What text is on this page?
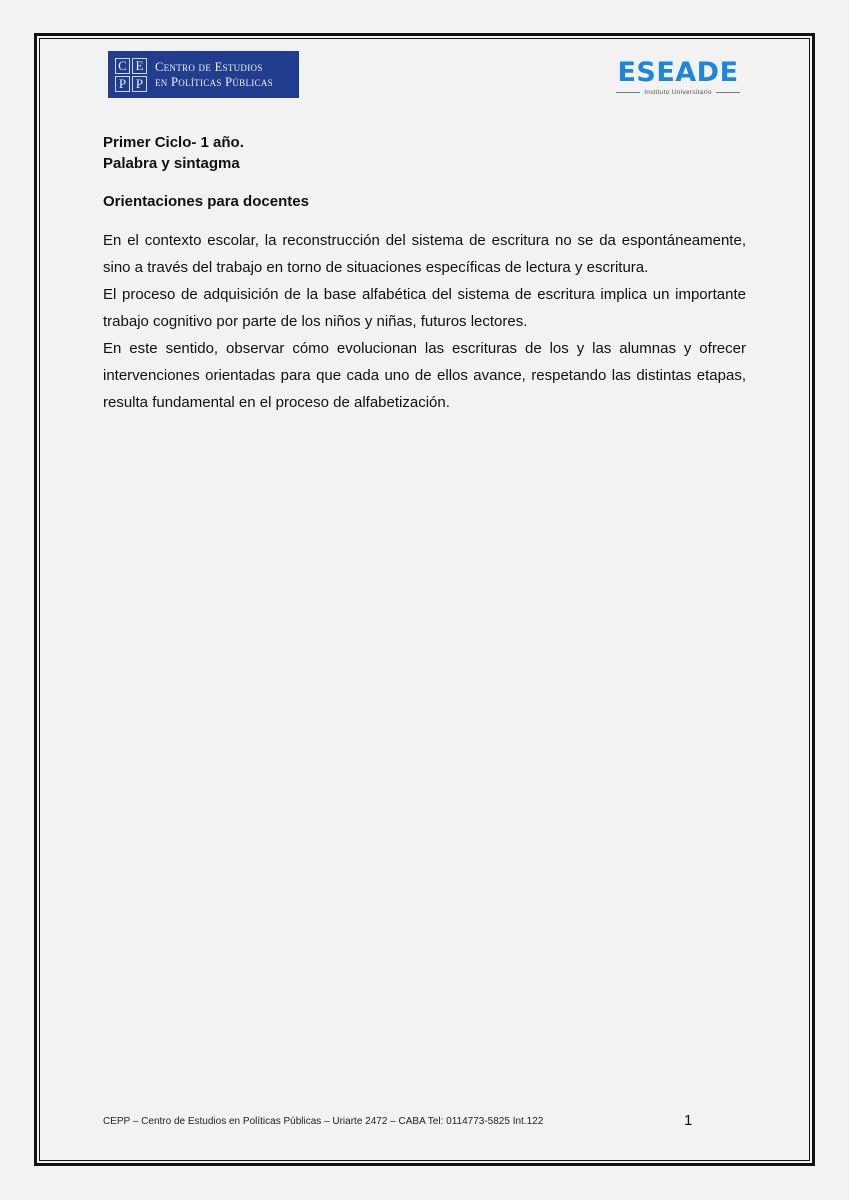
C E
P P
Centro de Estudios
en Políticas Públicas	ESEADE
Instituto Universitario

Primer Ciclo- 1 año.

Palabra y sintagma

Orientaciones para docentes

En el contexto escolar, la reconstrucción del sistema de escritura no se da espontáneamente, sino a través del trabajo en torno de situaciones específicas de lectura y escritura.

El proceso de adquisición de la base alfabética del sistema de escritura implica un importante trabajo cognitivo por parte de los niños y niñas, futuros lectores.

En este sentido, observar cómo evolucionan las escrituras de los y las alumnas y ofrecer intervenciones orientadas para que cada uno de ellos avance, respetando las distintas etapas, resulta fundamental en el proceso de alfabetización.

CEPP – Centro de Estudios en Políticas Públicas – Uriarte 2472 – CABA Tel: 0114773-5825 Int.122	1
